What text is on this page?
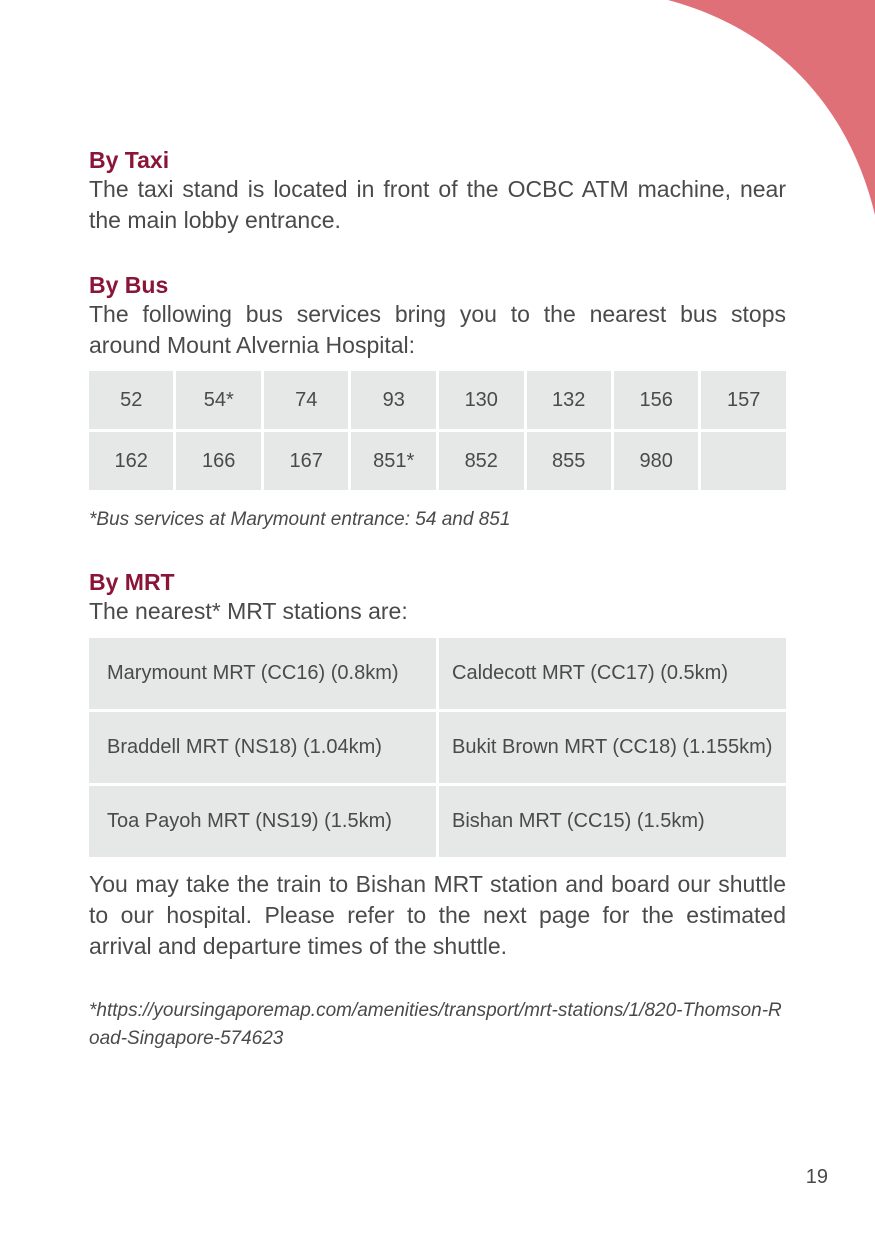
By Taxi

The taxi stand is located in front of the OCBC ATM machine, near the main lobby entrance.

By Bus

The following bus services bring you to the nearest bus stops around Mount Alvernia Hospital:

52	54*	74	93	130	132	156	157
162	166	167	851*	852	855	980	

*Bus services at Marymount entrance: 54 and 851

By MRT

The nearest* MRT stations are:

Marymount MRT (CC16) (0.8km)	Caldecott MRT (CC17) (0.5km)
Braddell MRT (NS18) (1.04km)	Bukit Brown MRT (CC18) (1.155km)
Toa Payoh MRT (NS19) (1.5km)	Bishan MRT (CC15) (1.5km)

You may take the train to Bishan MRT station and board our shuttle to our hospital. Please refer to the next page for the estimated arrival and departure times of the shuttle.

*https://yoursingaporemap.com/amenities/transport/mrt-stations/1/820-Thomson-Road-Singapore-574623

19
